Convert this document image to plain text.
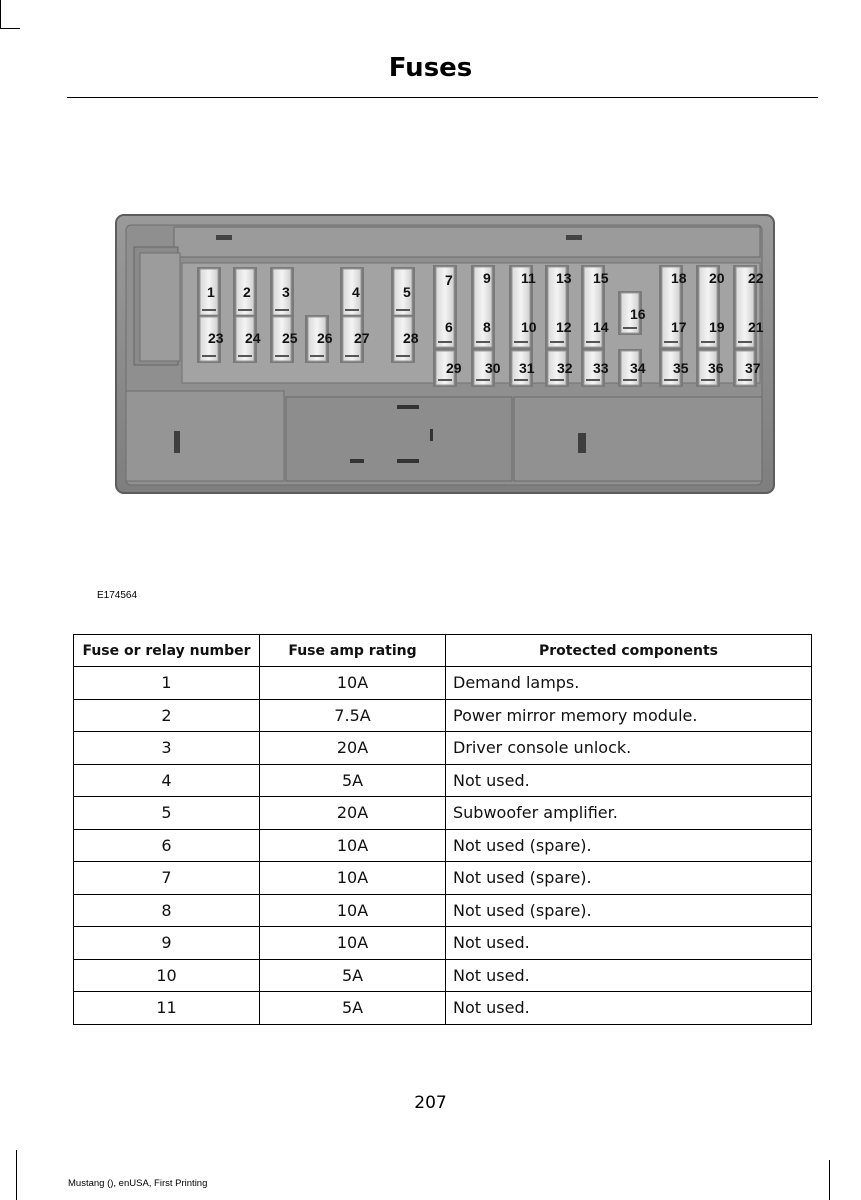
Fuses
1 2 3	4	5
23 24 25 26 27 28
7 9 11 13 15
6 8 10 12 14
16
18 20 22
17 19 21
29 30 31 32 33 34 35 36 37
E174564
Fuse or relay number	Fuse amp rating	Protected components
1	10A	Demand lamps.
2	7.5A	Power mirror memory module.
3	20A	Driver console unlock.
4	5A	Not used.
5	20A	Subwoofer amplifier.
6	10A	Not used (spare).
7	10A	Not used (spare).
8	10A	Not used (spare).
9	10A	Not used.
10	5A	Not used.
11	5A	Not used.
207
Mustang (), enUSA, First Printing
